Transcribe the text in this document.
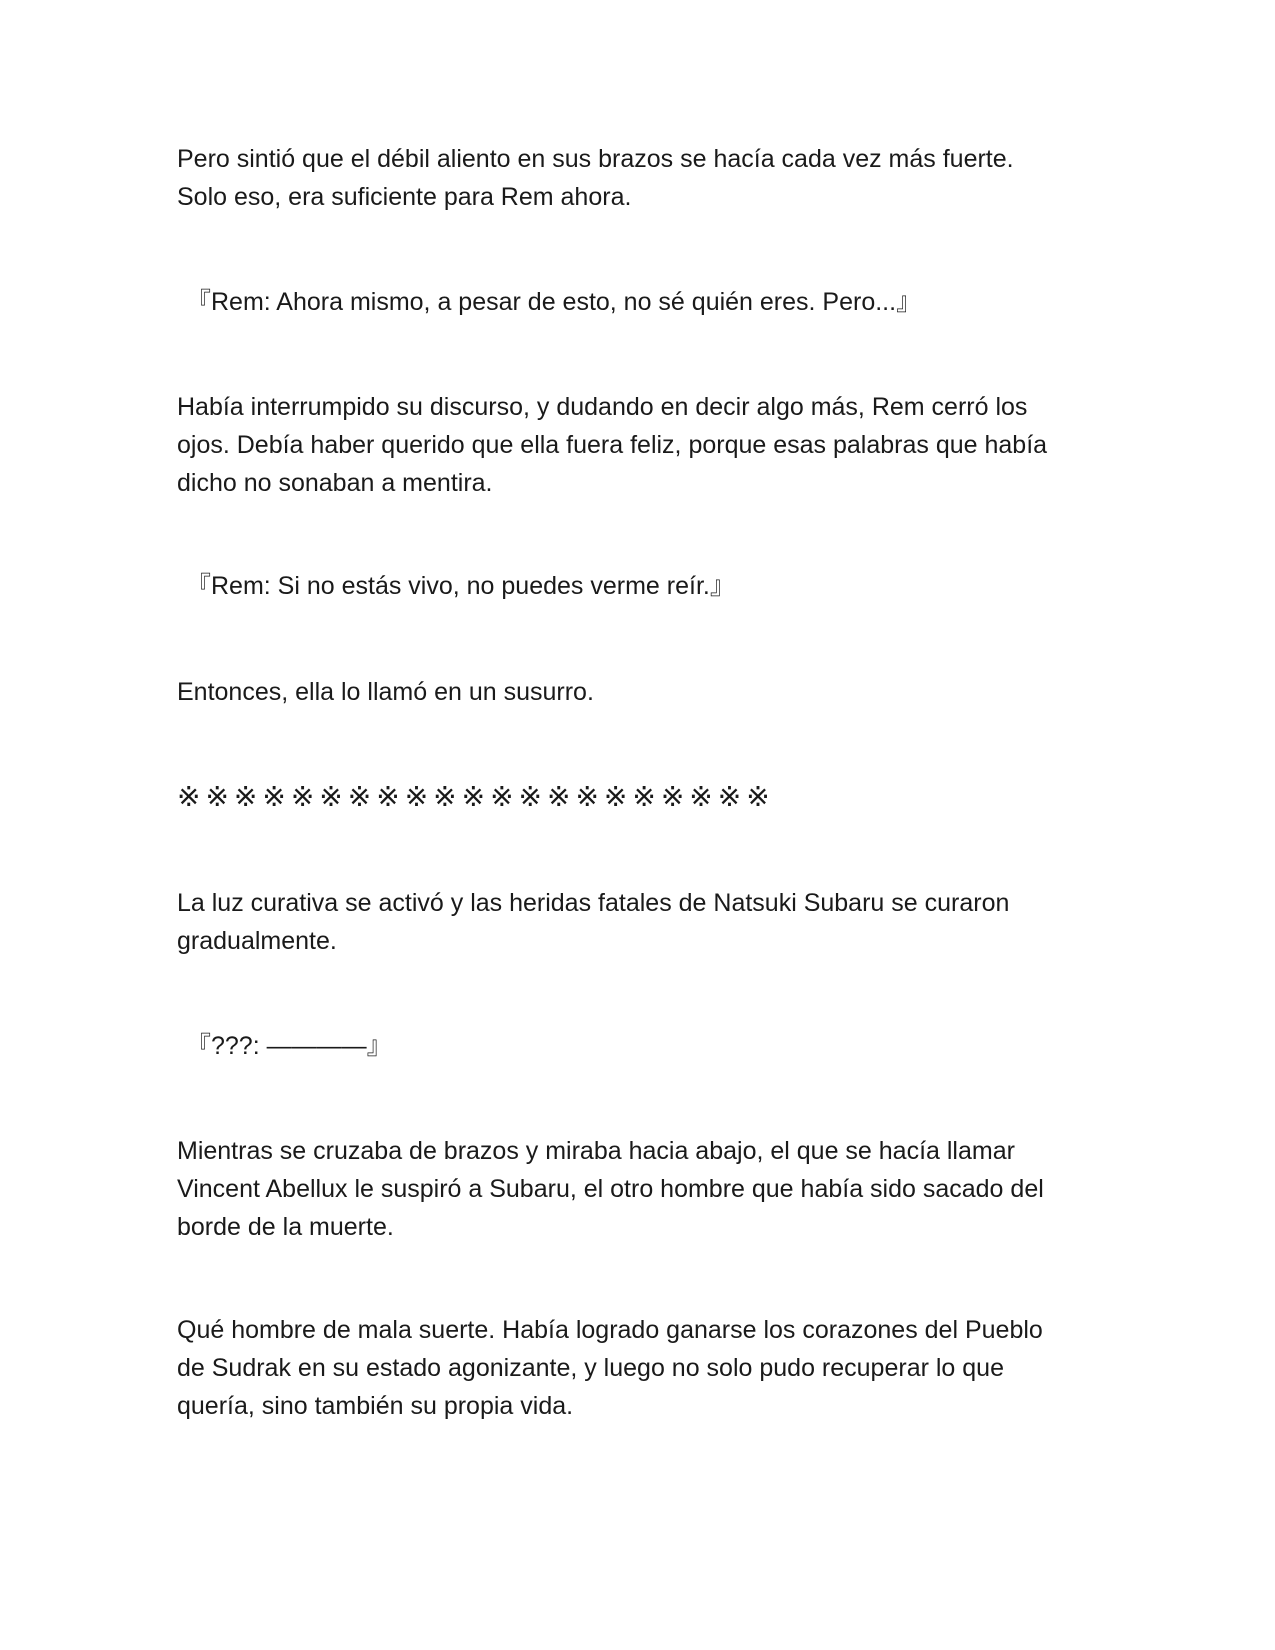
Pero sintió que el débil aliento en sus brazos se hacía cada vez más fuerte.
Solo eso, era suficiente para Rem ahora.

『Rem: Ahora mismo, a pesar de esto, no sé quién eres. Pero...』

Había interrumpido su discurso, y dudando en decir algo más, Rem cerró los
ojos. Debía haber querido que ella fuera feliz, porque esas palabras que había
dicho no sonaban a mentira.

『Rem: Si no estás vivo, no puedes verme reír.』

Entonces, ella lo llamó en un susurro.

※※※※※※※※※※※※※※※※※※※※※

La luz curativa se activó y las heridas fatales de Natsuki Subaru se curaron
gradualmente.

『???: ————』

Mientras se cruzaba de brazos y miraba hacia abajo, el que se hacía llamar
Vincent Abellux le suspiró a Subaru, el otro hombre que había sido sacado del
borde de la muerte.

Qué hombre de mala suerte. Había logrado ganarse los corazones del Pueblo
de Sudrak en su estado agonizante, y luego no solo pudo recuperar lo que
quería, sino también su propia vida.
